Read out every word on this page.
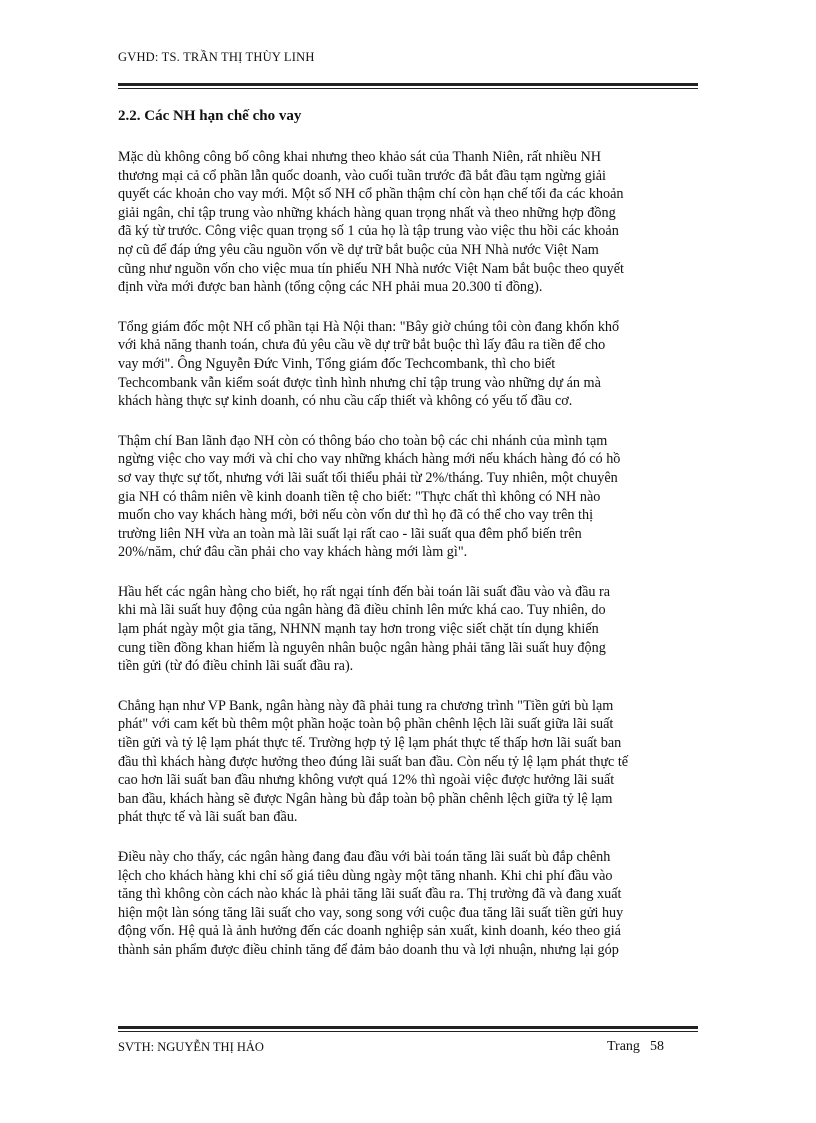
GVHD: TS. TRẦN THỊ THÙY LINH
2.2. Các NH hạn chế cho vay
Mặc dù không công bố công khai nhưng theo khảo sát của Thanh Niên, rất nhiều NH
thương mại cả cổ phần lẫn quốc doanh, vào cuối tuần trước đã bắt đầu tạm ngừng giải
quyết các khoản cho vay mới. Một số NH cổ phần thậm chí còn hạn chế tối đa các khoản
giải ngân, chỉ tập trung vào những khách hàng quan trọng nhất và theo những hợp đồng
đã ký từ trước. Công việc quan trọng số 1 của họ là tập trung vào việc thu hồi các khoản
nợ cũ để đáp ứng yêu cầu nguồn vốn về dự trữ bắt buộc của NH Nhà nước Việt Nam
cũng như nguồn vốn cho việc mua tín phiếu NH Nhà nước Việt Nam bắt buộc theo quyết
định vừa mới được ban hành (tổng cộng các NH phải mua 20.300 tỉ đồng).
Tổng giám đốc một NH cổ phần tại Hà Nội than: "Bây giờ chúng tôi còn đang khốn khổ
với khả năng thanh toán, chưa đủ yêu cầu về dự trữ bắt buộc thì lấy đâu ra tiền để cho
vay mới". Ông Nguyễn Đức Vinh, Tổng giám đốc Techcombank, thì cho biết
Techcombank vẫn kiểm soát được tình hình nhưng chỉ tập trung vào những dự án mà
khách hàng thực sự kinh doanh, có nhu cầu cấp thiết và không có yếu tố đầu cơ.
Thậm chí Ban lãnh đạo NH còn có thông báo cho toàn bộ các chi nhánh của mình tạm
ngừng việc cho vay mới và chỉ cho vay những khách hàng mới nếu khách hàng đó có hồ
sơ vay thực sự tốt, nhưng với lãi suất tối thiểu phải từ 2%/tháng. Tuy nhiên, một chuyên
gia NH có thâm niên về kinh doanh tiền tệ cho biết: "Thực chất thì không có NH nào
muốn cho vay khách hàng mới, bởi nếu còn vốn dư thì họ đã có thể cho vay trên thị
trường liên NH vừa an toàn mà lãi suất lại rất cao - lãi suất qua đêm phổ biến trên
20%/năm, chứ đâu cần phải cho vay khách hàng mới làm gì".
Hầu hết các ngân hàng cho biết, họ rất ngại tính đến bài toán lãi suất đầu vào và đầu ra
khi mà lãi suất huy động của ngân hàng đã điều chỉnh lên mức khá cao. Tuy nhiên, do
lạm phát ngày một gia tăng, NHNN mạnh tay hơn trong việc siết chặt tín dụng khiến
cung tiền đồng khan hiếm là nguyên nhân buộc ngân hàng phải tăng lãi suất huy động
tiền gửi (từ đó điều chỉnh lãi suất đầu ra).
Chẳng hạn như VP Bank, ngân hàng này đã phải tung ra chương trình "Tiền gửi bù lạm
phát" với cam kết bù thêm một phần hoặc toàn bộ phần chênh lệch lãi suất giữa lãi suất
tiền gửi và tỷ lệ lạm phát thực tế. Trường hợp tỷ lệ lạm phát thực tế thấp hơn lãi suất ban
đầu thì khách hàng được hưởng theo đúng lãi suất ban đầu. Còn nếu tỷ lệ lạm phát thực tế
cao hơn lãi suất ban đầu nhưng không vượt quá 12% thì ngoài việc được hưởng lãi suất
ban đầu, khách hàng sẽ được Ngân hàng bù đắp toàn bộ phần chênh lệch giữa tỷ lệ lạm
phát thực tế và lãi suất ban đầu.
Điều này cho thấy, các ngân hàng đang đau đầu với bài toán tăng lãi suất bù đắp chênh
lệch cho khách hàng khi chỉ số giá tiêu dùng ngày một tăng nhanh. Khi chi phí đầu vào
tăng thì không còn cách nào khác là phải tăng lãi suất đầu ra. Thị trường đã và đang xuất
hiện một làn sóng tăng lãi suất cho vay, song song với cuộc đua tăng lãi suất tiền gửi huy
động vốn. Hệ quả là ảnh hưởng đến các doanh nghiệp sản xuất, kinh doanh, kéo theo giá
thành sản phẩm được điều chỉnh tăng để đảm bảo doanh thu và lợi nhuận, nhưng lại góp
SVTH: NGUYỄN THỊ HẢO	Trang 58
